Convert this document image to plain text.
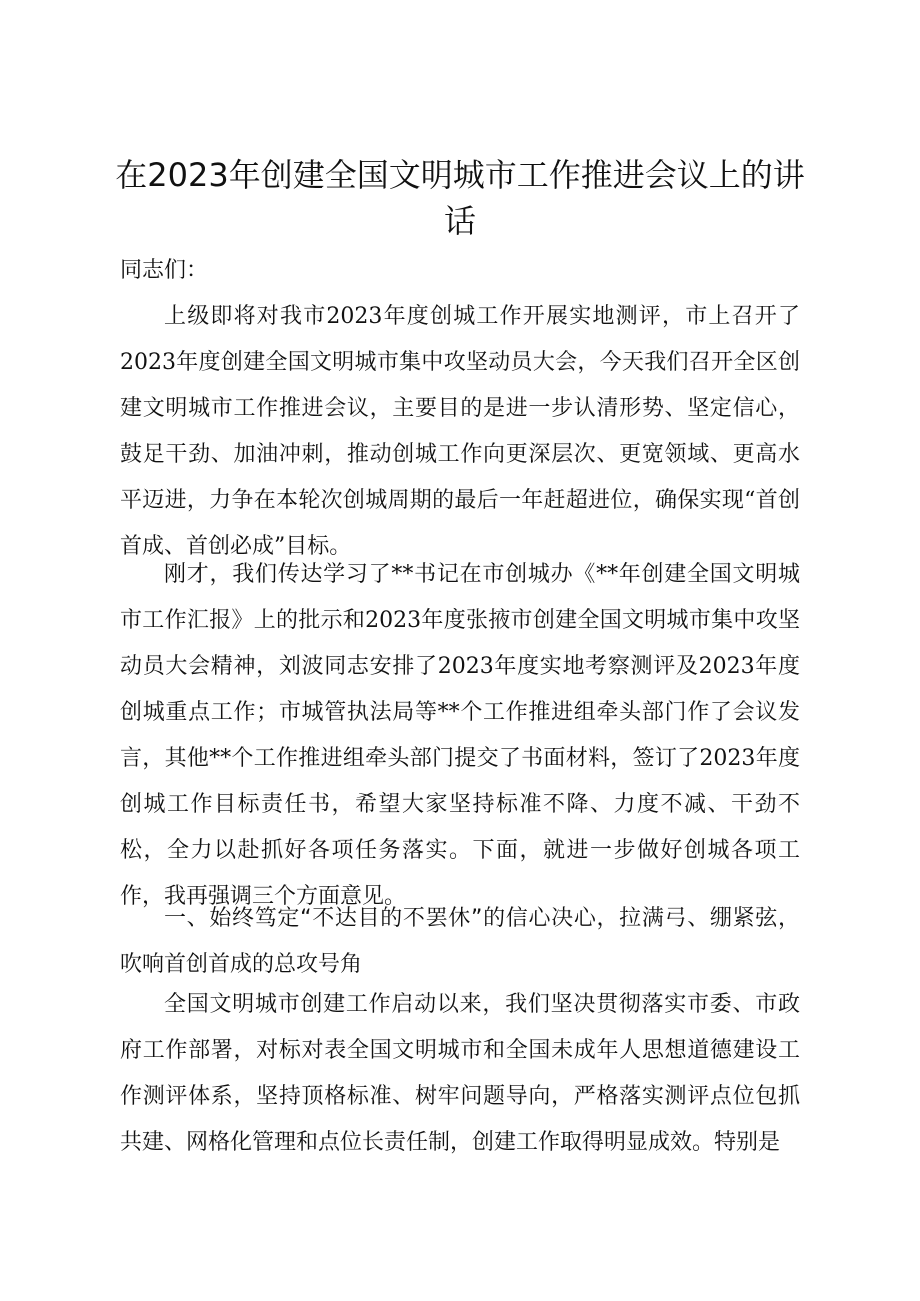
在2023年创建全国文明城市工作推进会议上的讲话

同志们：

上级即将对我市2023年度创城工作开展实地测评，市上召开了2023年度创建全国文明城市集中攻坚动员大会，今天我们召开全区创建文明城市工作推进会议，主要目的是进一步认清形势、坚定信心，鼓足干劲、加油冲刺，推动创城工作向更深层次、更宽领域、更高水平迈进，力争在本轮次创城周期的最后一年赶超进位，确保实现“首创首成、首创必成”目标。

刚才，我们传达学习了**书记在市创城办《**年创建全国文明城市工作汇报》上的批示和2023年度张掖市创建全国文明城市集中攻坚动员大会精神，刘波同志安排了2023年度实地考察测评及2023年度创城重点工作；市城管执法局等**个工作推进组牵头部门作了会议发言，其他**个工作推进组牵头部门提交了书面材料，签订了2023年度创城工作目标责任书，希望大家坚持标准不降、力度不减、干劲不松，全力以赴抓好各项任务落实。下面，就进一步做好创城各项工作，我再强调三个方面意见。

一、始终笃定“不达目的不罢休”的信心决心，拉满弓、绷紧弦，吹响首创首成的总攻号角

全国文明城市创建工作启动以来，我们坚决贯彻落实市委、市政府工作部署，对标对表全国文明城市和全国未成年人思想道德建设工作测评体系，坚持顶格标准、树牢问题导向，严格落实测评点位包抓共建、网格化管理和点位长责任制，创建工作取得明显成效。特别是
